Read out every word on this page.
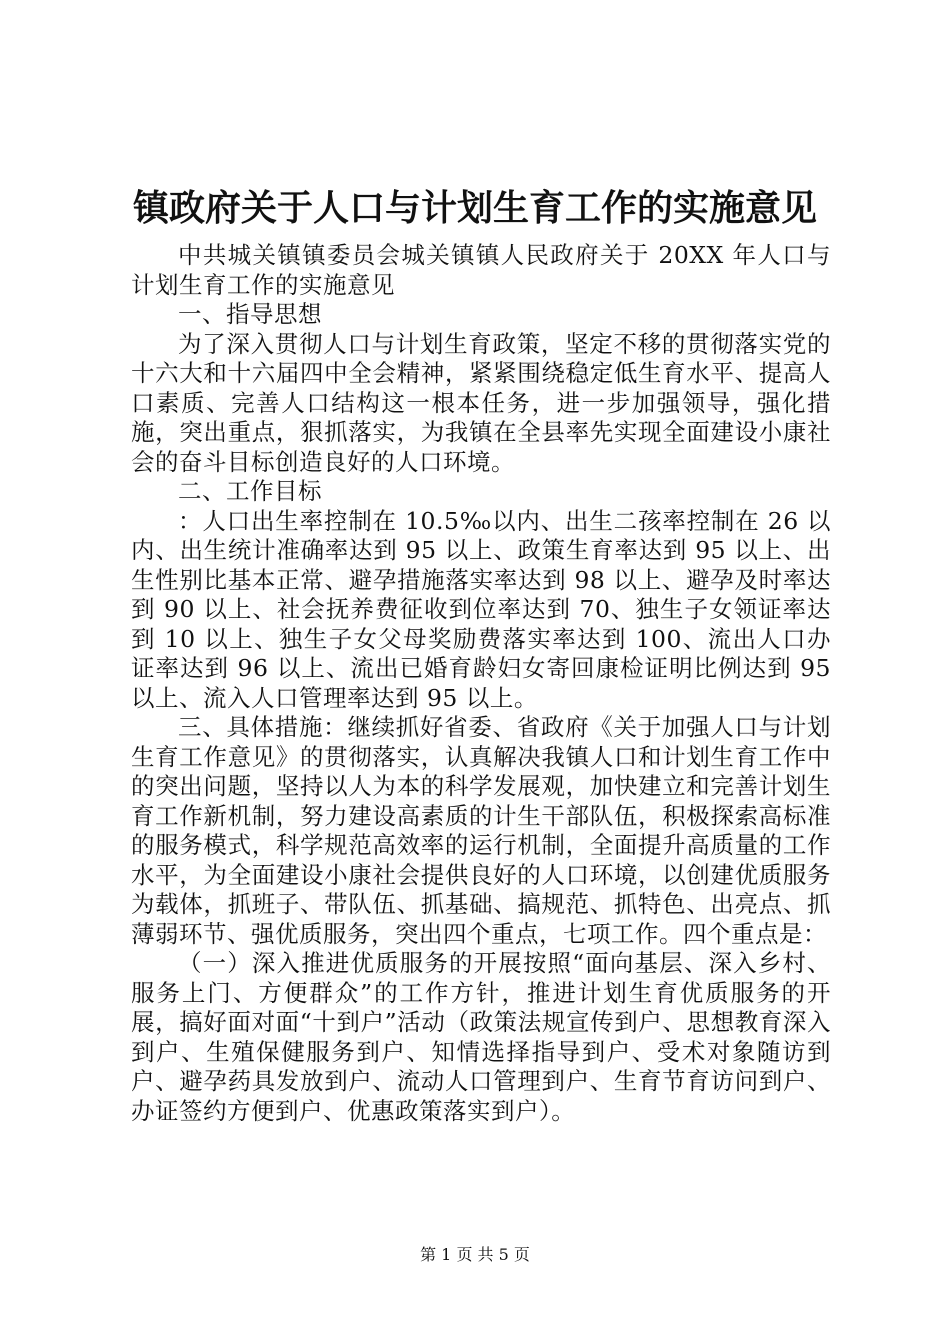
镇政府关于人口与计划生育工作的实施意见

中共城关镇镇委员会城关镇镇人民政府关于 20XX 年人口与计划生育工作的实施意见

一、指导思想

为了深入贯彻人口与计划生育政策，坚定不移的贯彻落实党的十六大和十六届四中全会精神，紧紧围绕稳定低生育水平、提高人口素质、完善人口结构这一根本任务，进一步加强领导，强化措施，突出重点，狠抓落实，为我镇在全县率先实现全面建设小康社会的奋斗目标创造良好的人口环境。

二、工作目标

：人口出生率控制在 10.5‰以内、出生二孩率控制在 26 以内、出生统计准确率达到 95 以上、政策生育率达到 95 以上、出生性别比基本正常、避孕措施落实率达到 98 以上、避孕及时率达到 90 以上、社会抚养费征收到位率达到 70、独生子女领证率达到 10 以上、独生子女父母奖励费落实率达到 100、流出人口办证率达到 96 以上、流出已婚育龄妇女寄回康检证明比例达到 95 以上、流入人口管理率达到 95 以上。

三、具体措施：继续抓好省委、省政府《关于加强人口与计划生育工作意见》的贯彻落实，认真解决我镇人口和计划生育工作中的突出问题，坚持以人为本的科学发展观，加快建立和完善计划生育工作新机制，努力建设高素质的计生干部队伍，积极探索高标准的服务模式，科学规范高效率的运行机制，全面提升高质量的工作水平，为全面建设小康社会提供良好的人口环境，以创建优质服务为载体，抓班子、带队伍、抓基础、搞规范、抓特色、出亮点、抓薄弱环节、强优质服务，突出四个重点，七项工作。四个重点是：

（一）深入推进优质服务的开展按照“面向基层、深入乡村、服务上门、方便群众”的工作方针，推进计划生育优质服务的开展，搞好面对面“十到户”活动（政策法规宣传到户、思想教育深入到户、生殖保健服务到户、知情选择指导到户、受术对象随访到户、避孕药具发放到户、流动人口管理到户、生育节育访问到户、办证签约方便到户、优惠政策落实到户）。

第 1 页 共 5 页
